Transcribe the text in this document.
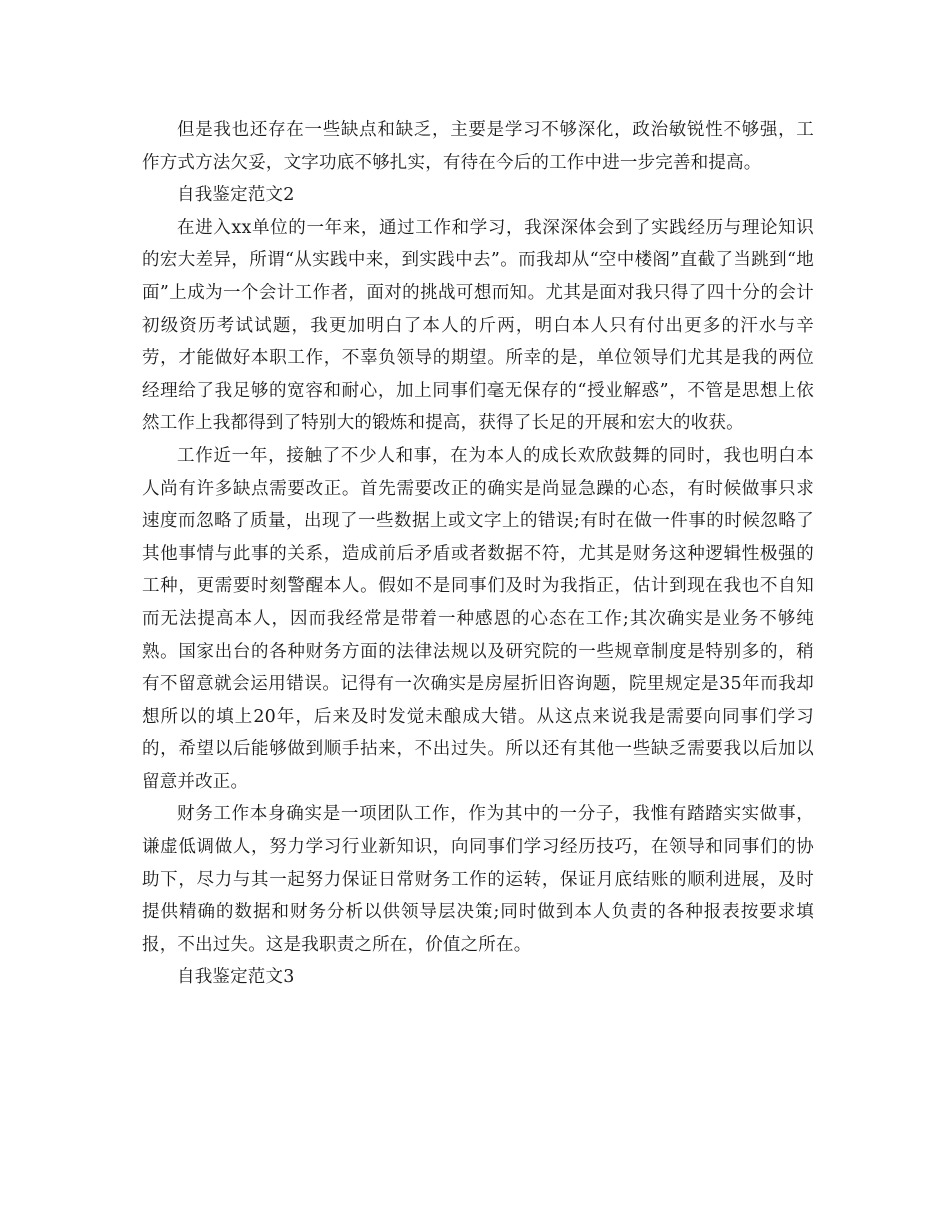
但是我也还存在一些缺点和缺乏，主要是学习不够深化，政治敏锐性不够强，工作方式方法欠妥，文字功底不够扎实，有待在今后的工作中进一步完善和提高。

自我鉴定范文2

在进入xx单位的一年来，通过工作和学习，我深深体会到了实践经历与理论知识的宏大差异，所谓“从实践中来，到实践中去”。而我却从“空中楼阁”直截了当跳到“地面”上成为一个会计工作者，面对的挑战可想而知。尤其是面对我只得了四十分的会计初级资历考试试题，我更加明白了本人的斤两，明白本人只有付出更多的汗水与辛劳，才能做好本职工作，不辜负领导的期望。所幸的是，单位领导们尤其是我的两位经理给了我足够的宽容和耐心，加上同事们毫无保存的“授业解惑”，不管是思想上依然工作上我都得到了特别大的锻炼和提高，获得了长足的开展和宏大的收获。

工作近一年，接触了不少人和事，在为本人的成长欢欣鼓舞的同时，我也明白本人尚有许多缺点需要改正。首先需要改正的确实是尚显急躁的心态，有时候做事只求速度而忽略了质量，出现了一些数据上或文字上的错误;有时在做一件事的时候忽略了其他事情与此事的关系，造成前后矛盾或者数据不符，尤其是财务这种逻辑性极强的工种，更需要时刻警醒本人。假如不是同事们及时为我指正，估计到现在我也不自知而无法提高本人，因而我经常是带着一种感恩的心态在工作;其次确实是业务不够纯熟。国家出台的各种财务方面的法律法规以及研究院的一些规章制度是特别多的，稍有不留意就会运用错误。记得有一次确实是房屋折旧咨询题，院里规定是35年而我却想所以的填上20年，后来及时发觉未酿成大错。从这点来说我是需要向同事们学习的，希望以后能够做到顺手拈来，不出过失。所以还有其他一些缺乏需要我以后加以留意并改正。

财务工作本身确实是一项团队工作，作为其中的一分子，我惟有踏踏实实做事，谦虚低调做人，努力学习行业新知识，向同事们学习经历技巧，在领导和同事们的协助下，尽力与其一起努力保证日常财务工作的运转，保证月底结账的顺利进展，及时提供精确的数据和财务分析以供领导层决策;同时做到本人负责的各种报表按要求填报，不出过失。这是我职责之所在，价值之所在。

自我鉴定范文3
